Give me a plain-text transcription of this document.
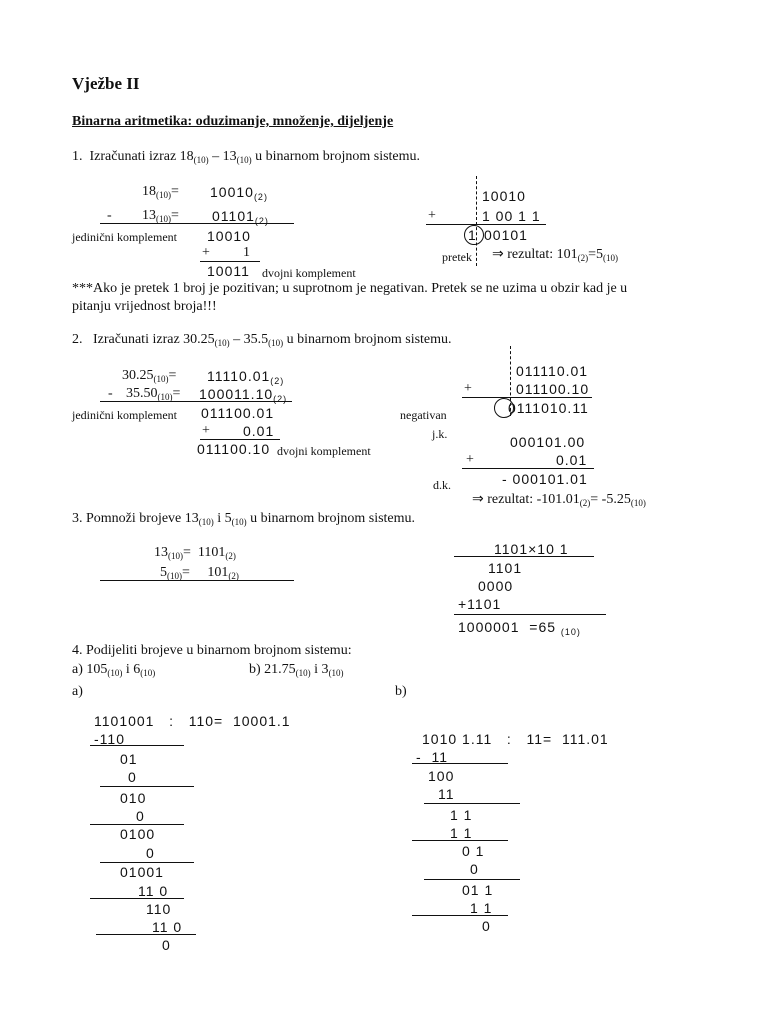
Vježbe II
Binarna aritmetika: oduzimanje, množenje, dijeljenje
1.  Izračunati izraz $18_{(10)} - 13_{(10)}$ u binarnom brojnom sistemu.
$18_{(10)}= 10010_{(2)}$
- $13_{(10)}= 01101_{(2)}$
jedinični komplement 10010
+ 1
10011 dvojni komplement
10010
+	1 00 1 1
1 00101
pretek ⇒ rezultat: $101_{(2)}=5_{(10)}$
***Ako je pretek 1 broj je pozitivan; u suprotnom je negativan. Pretek se ne uzima u obzir kad je u
pitanju vrijednost broja!!!
2.   Izračunati izraz $30.25_{(10)} - 35.5_{(10)}$ u binarnom brojnom sistemu.
$30.25_{(10)}= 11110.01_{(2)}$
- $35.50_{(10)}= 100011.10_{(2)}$
jedinični komplement 011100.01
+ 0.01
011100.10 dvojni komplement
011110.01
+	011100.10
0111010.11
negativan
j.k.	000101.00
+	0.01
d.k.	- 000101.01
⇒ rezultat: $-101.01_{(2)}= -5.25_{(10)}$
3. Pomnoži brojeve $13_{(10)}$ i $5_{(10)}$ u binarnom brojnom sistemu.
$13_{(10)}= 1101_{(2)}$
$5_{(10)}= 101_{(2)}$
1101×10 1
1101
0000
+1101
1000001  =65 $_{(10)}$
4. Podijeliti brojeve u binarnom brojnom sistemu:
a) $105_{(10)}$ i $6_{(10)}$	b) $21.75_{(10)}$ i $3_{(10)}$
a)	b)
1101001   :   110=  10001.1
-110
01
0
010
0
0100
0
01001
11 0
110
11 0
0
1010 1.11   :   11=  111.01
-  11
100
11
1 1
1 1
0 1
0
01 1
1 1
0
